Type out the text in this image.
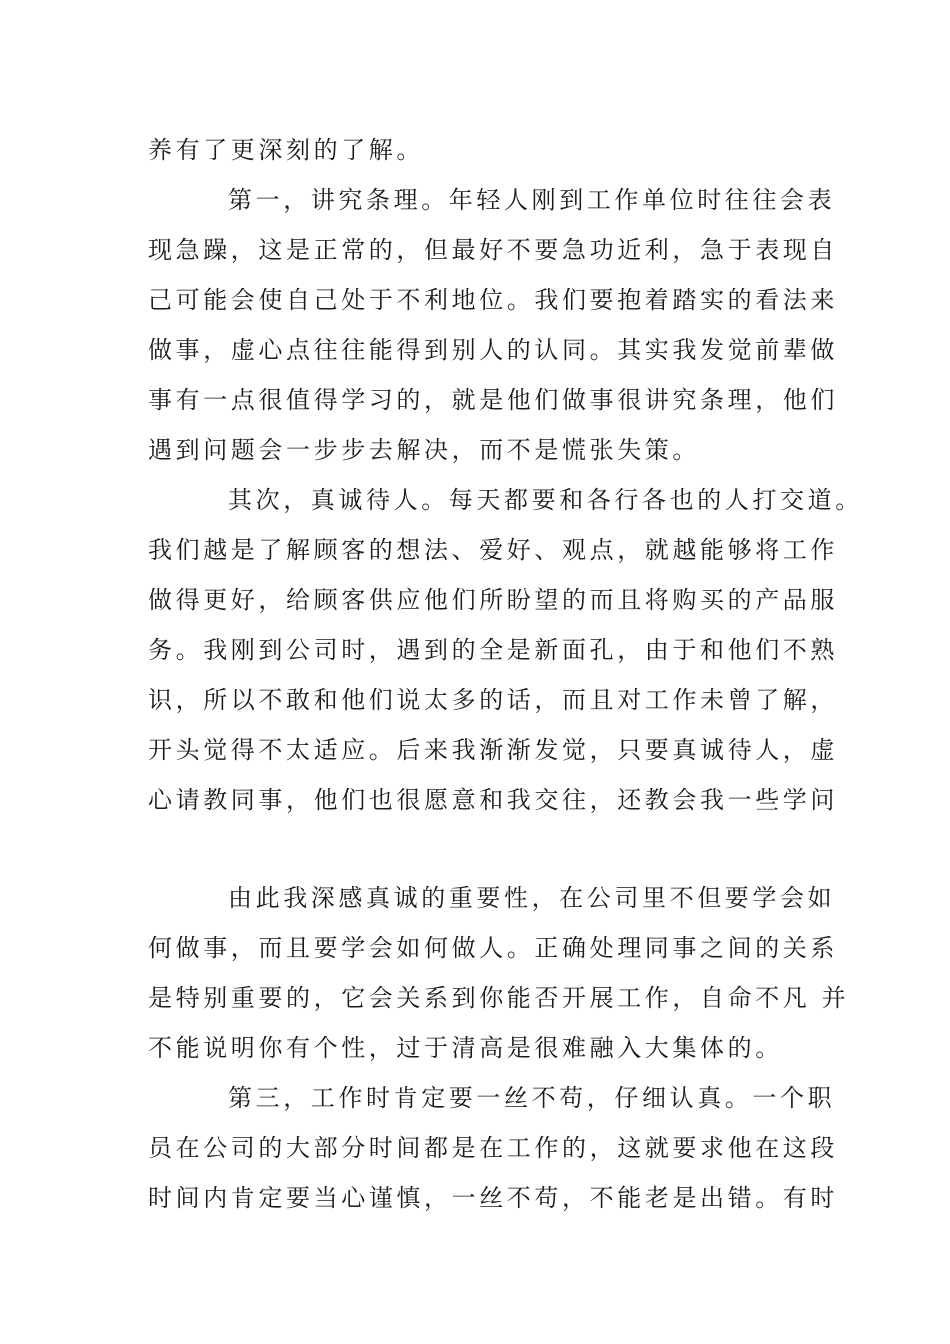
养有了更深刻的了解。
第一，讲究条理。年轻人刚到工作单位时往往会表
现急躁，这是正常的，但最好不要急功近利，急于表现自
己可能会使自己处于不利地位。我们要抱着踏实的看法来
做事，虚心点往往能得到别人的认同。其实我发觉前辈做
事有一点很值得学习的，就是他们做事很讲究条理，他们
遇到问题会一步步去解决，而不是慌张失策。
其次，真诚待人。每天都要和各行各也的人打交道。
我们越是了解顾客的想法、爱好、观点，就越能够将工作
做得更好，给顾客供应他们所盼望的而且将购买的产品服
务。我刚到公司时，遇到的全是新面孔，由于和他们不熟
识，所以不敢和他们说太多的话，而且对工作未曾了解，
开头觉得不太适应。后来我渐渐发觉，只要真诚待人，虚
心请教同事，他们也很愿意和我交往，还教会我一些学问
由此我深感真诚的重要性，在公司里不但要学会如
何做事，而且要学会如何做人。正确处理同事之间的关系
是特别重要的，它会关系到你能否开展工作，自命不凡 并
不能说明你有个性，过于清高是很难融入大集体的。
第三，工作时肯定要一丝不苟，仔细认真。一个职
员在公司的大部分时间都是在工作的，这就要求他在这段
时间内肯定要当心谨慎，一丝不苟，不能老是出错。有时
